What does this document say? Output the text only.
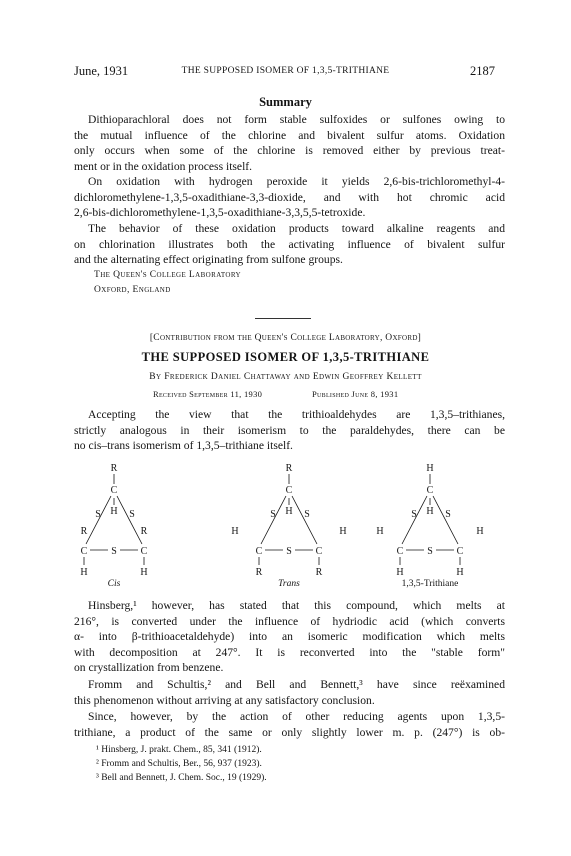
June, 1931	THE SUPPOSED ISOMER OF 1,3,5-TRITHIANE	2187
Summary
Dithioparachloral does not form stable sulfoxides or sulfones owing to
the mutual influence of the chlorine and bivalent sulfur atoms. Oxidation
only occurs when some of the chlorine is removed either by previous treat-
ment or in the oxidation process itself.
On oxidation with hydrogen peroxide it yields 2,6-bis-trichloromethyl-4-
dichloromethylene-1,3,5-oxadithiane-3,3-dioxide, and with hot chromic acid
2,6-bis-dichloromethylene-1,3,5-oxadithiane-3,3,5,5-tetroxide.
The behavior of these oxidation products toward alkaline reagents and
on chlorination illustrates both the activating influence of bivalent sulfur
and the alternating effect originating from sulfone groups.
The Queen's College Laboratory
Oxford, England
[Contribution from the Queen's College Laboratory, Oxford]
THE SUPPOSED ISOMER OF 1,3,5-TRITHIANE
By Frederick Daniel Chattaway and Edwin Geoffrey Kellett
Received September 11, 1930	Published June 8, 1931
Accepting the view that the trithioaldehydes are 1,3,5–trithianes,
strictly analogous in their isomerism to the paraldehydes, there can be
no cis–trans isomerism of 1,3,5–trithiane itself.
R
C
H
S	S
R	R
C	C
S
H	H
Cis
R
C
H
S	S
H	H
C	C
S
R	R
Trans
H
C
H
S	S
H	H
C	C
S
H	H
1,3,5-Trithiane
Hinsberg,¹ however, has stated that this compound, which melts at
216°, is converted under the influence of hydriodic acid (which converts
α- into β-trithioacetaldehyde) into an isomeric modification which melts
with decomposition at 247°. It is reconverted into the "stable form"
on crystallization from benzene.
Fromm and Schultis,² and Bell and Bennett,³ have since reëxamined
this phenomenon without arriving at any satisfactory conclusion.
Since, however, by the action of other reducing agents upon 1,3,5-
trithiane, a product of the same or only slightly lower m. p. (247°) is ob-
¹ Hinsberg, J. prakt. Chem., 85, 341 (1912).
² Fromm and Schultis, Ber., 56, 937 (1923).
³ Bell and Bennett, J. Chem. Soc., 19 (1929).
